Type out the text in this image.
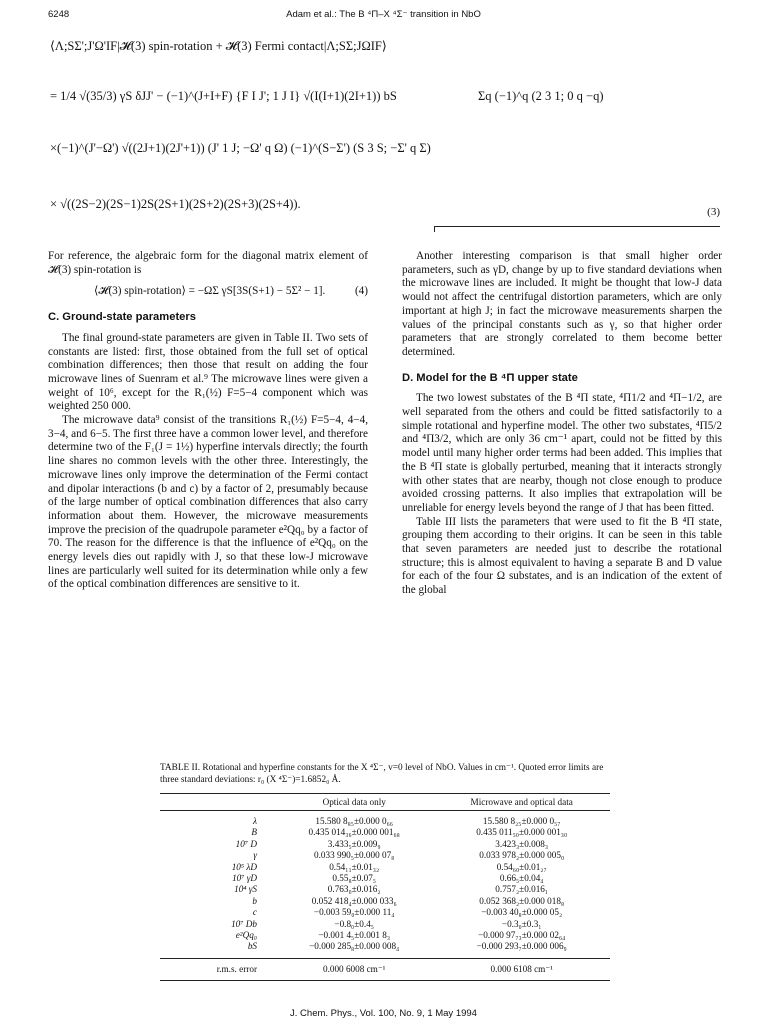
6248	Adam et al.: The B ⁴Π–X ⁴Σ⁻ transition in NbO
⟨Λ;SΣ';J'Ω'IF|𝓗(3) spin-rotation + 𝓗(3) Fermi contact|Λ;SΣ;JΩIF⟩
= 1/4 √(35/3) γS δJJ' − (−1)^(J+I+F) {F I J'; 1 J I} √(I(I+1)(2I+1)) bS	Σq (−1)^q (2 3 1; 0 q −q)
×(−1)^(J'−Ω') √((2J+1)(2J'+1)) (J' 1 J; −Ω' q Ω) (−1)^(S−Σ') (S 3 S; −Σ' q Σ)
× √((2S−2)(2S−1)2S(2S+1)(2S+2)(2S+3)(2S+4)).
(3)

For reference, the algebraic form for the diagonal matrix element of 𝓗(3) spin-rotation is

⟨𝓗(3) spin-rotation⟩ = −ΩΣ γS[3S(S+1) − 5Σ² − 1].	(4)
C. Ground-state parameters

The final ground-state parameters are given in Table II. Two sets of constants are listed: first, those obtained from the full set of optical combination differences; then those that result on adding the four microwave lines of Suenram et al.⁹ The microwave lines were given a weight of 10⁶, except for the R₁(½) F=5−4 component which was weighted 250 000.

The microwave data⁹ consist of the transitions R₁(½) F=5−4, 4−4, 3−4, and 6−5. The first three have a common lower level, and therefore determine two of the F₁(J = 1½) hyperfine intervals directly; the fourth line shares no common levels with the other three. Interestingly, the microwave lines only improve the determination of the Fermi contact and dipolar interactions (b and c) by a factor of 2, presumably because of the large number of optical combination differences that also carry information about them. However, the microwave measurements improve the precision of the quadrupole parameter e²Qq₀ by a factor of 70. The reason for the difference is that the influence of e²Qq₀ on the energy levels dies out rapidly with J, so that these low-J microwave lines are particularly well suited for its determination while only a few of the optical combination differences are sensitive to it.

Another interesting comparison is that small higher order parameters, such as γD, change by up to five standard deviations when the microwave lines are included. It might be thought that low-J data would not affect the centrifugal distortion parameters, which are only important at high J; in fact the microwave measurements sharpen the values of the principal constants such as γ, so that higher order parameters that are strongly correlated to them become better determined.

D. Model for the B ⁴Π upper state

The two lowest substates of the B ⁴Π state, ⁴Π1/2 and ⁴Π−1/2, are well separated from the others and could be fitted satisfactorily to a simple rotational and hyperfine model. The other two substates, ⁴Π5/2 and ⁴Π3/2, which are only 36 cm⁻¹ apart, could not be fitted by this model until many higher order terms had been added. This implies that the B ⁴Π state is globally perturbed, meaning that it interacts strongly with other states that are nearby, though not close enough to produce avoided crossing patterns. It also implies that extrapolation will be unreliable for energy levels beyond the range of J that has been fitted.

Table III lists the parameters that were used to fit the B ⁴Π state, grouping them according to their origins. It can be seen in this table that seven parameters are needed just to describe the rotational structure; this is almost equivalent to having a separate B and D value for each of the four Ω substates, and is an indication of the extent of the global

TABLE II. Rotational and hyperfine constants for the X ⁴Σ⁻, v=0 level of NbO. Values in cm⁻¹. Quoted error limits are three standard deviations: r₀ (X ⁴Σ⁻)=1.6852₀ Å.
	Optical data only	Microwave and optical data
λ	15.580 8₈₅±0.000 0₆₆	15.580 8₂₅±0.000 0₅₇
B	0.435 014₃₆±0.000 001₆₈	0.435 011₅₀±0.000 001₃₀
10⁷ D	3.433₅±0.009₉	3.423₃±0.008₃
γ	0.033 990₅±0.000 07₈	0.033 978₂±0.000 005₀
10⁵ λD	0.54₁₁±0.01₃₂	0.54₆₀±0.01₂₇
10⁷ γD	0.55₈±0.07₅	0.66₅±0.04₄
10⁴ γS	0.763₀±0.016₂	0.757₂±0.016₁
b	0.052 418₄±0.000 033₆	0.052 368₂±0.000 018₈
c	−0.003 59₀±0.000 11₄	−0.003 40₈±0.000 05₂
10⁷ Db	−0.8₀±0.4₅	−0.3₀±0.3₁
e²Qq₀	−0.001 4₅±0.001 8₃	−0.000 97₇₃±0.000 02₆₄
bS	−0.000 285₈±0.000 008₄	−0.000 293₇±0.000 006₉
r.m.s. error	0.000 6008 cm⁻¹	0.000 6108 cm⁻¹
J. Chem. Phys., Vol. 100, No. 9, 1 May 1994
